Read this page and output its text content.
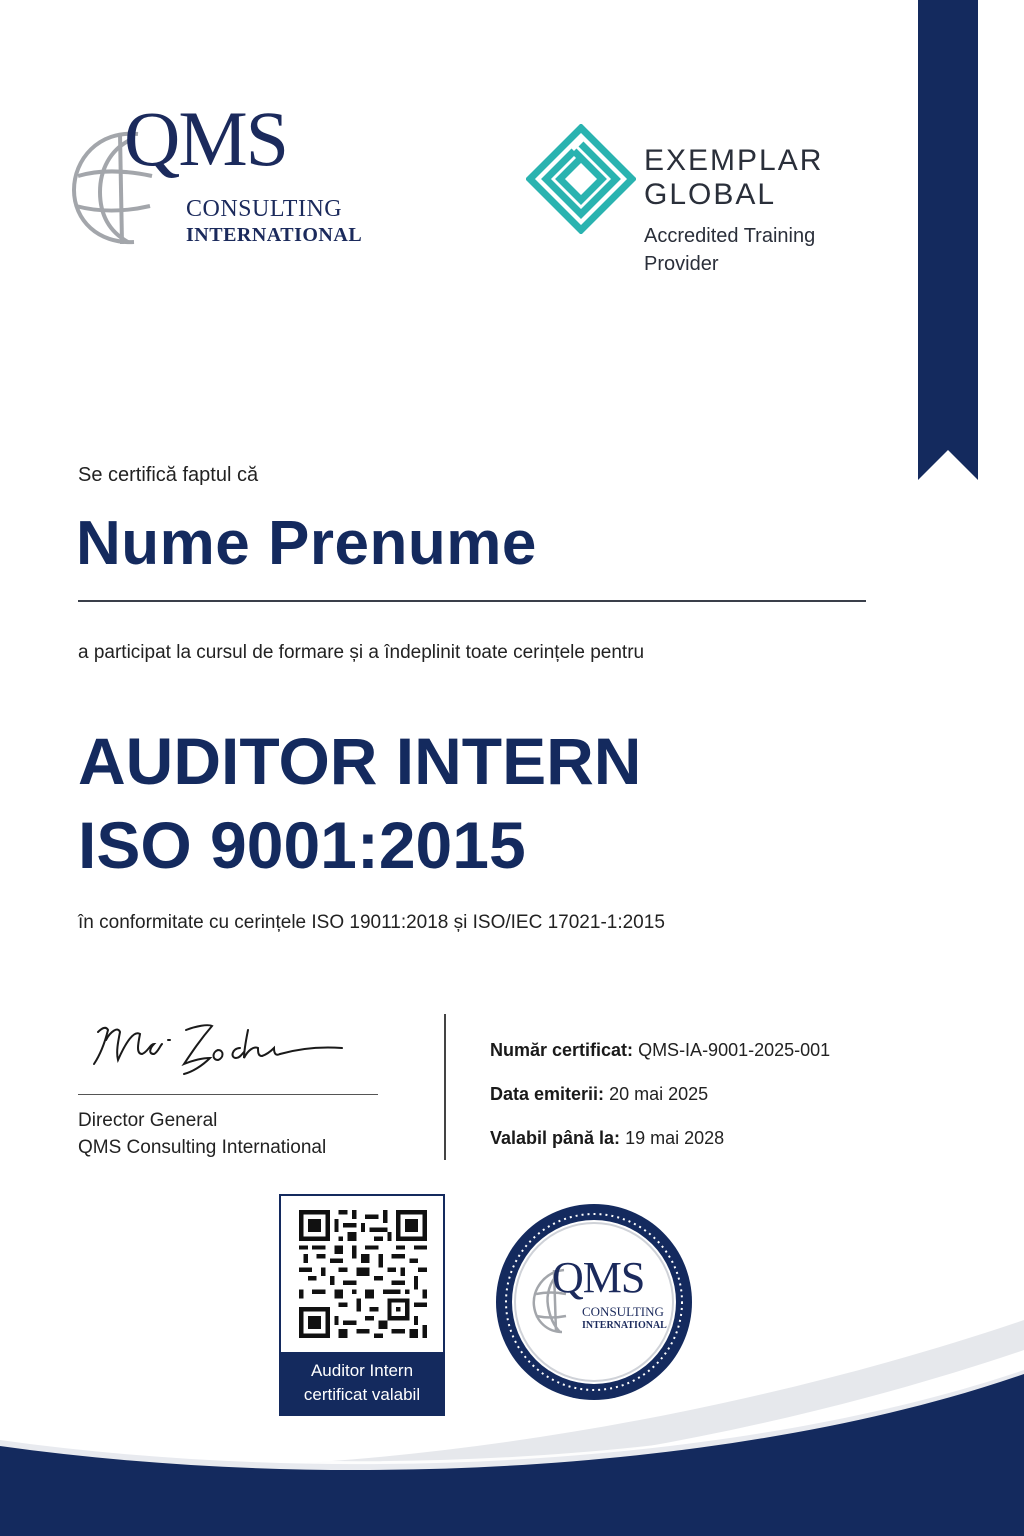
QMS
CONSULTING
INTERNATIONAL
EXEMPLAR
GLOBAL
Accredited Training
Provider
Se certifică faptul că
Nume Prenume
a participat la cursul de formare și a îndeplinit toate cerințele pentru
AUDITOR INTERN
ISO 9001:2015
în conformitate cu cerințele ISO 19011:2018 și ISO/IEC 17021-1:2015
Director General
QMS Consulting International
Număr certificat: QMS-IA-9001-2025-001
Data emiterii: 20 mai 2025
Valabil până la: 19 mai 2028
Auditor Intern
certificat valabil
QMS
CONSULTING
INTERNATIONAL
